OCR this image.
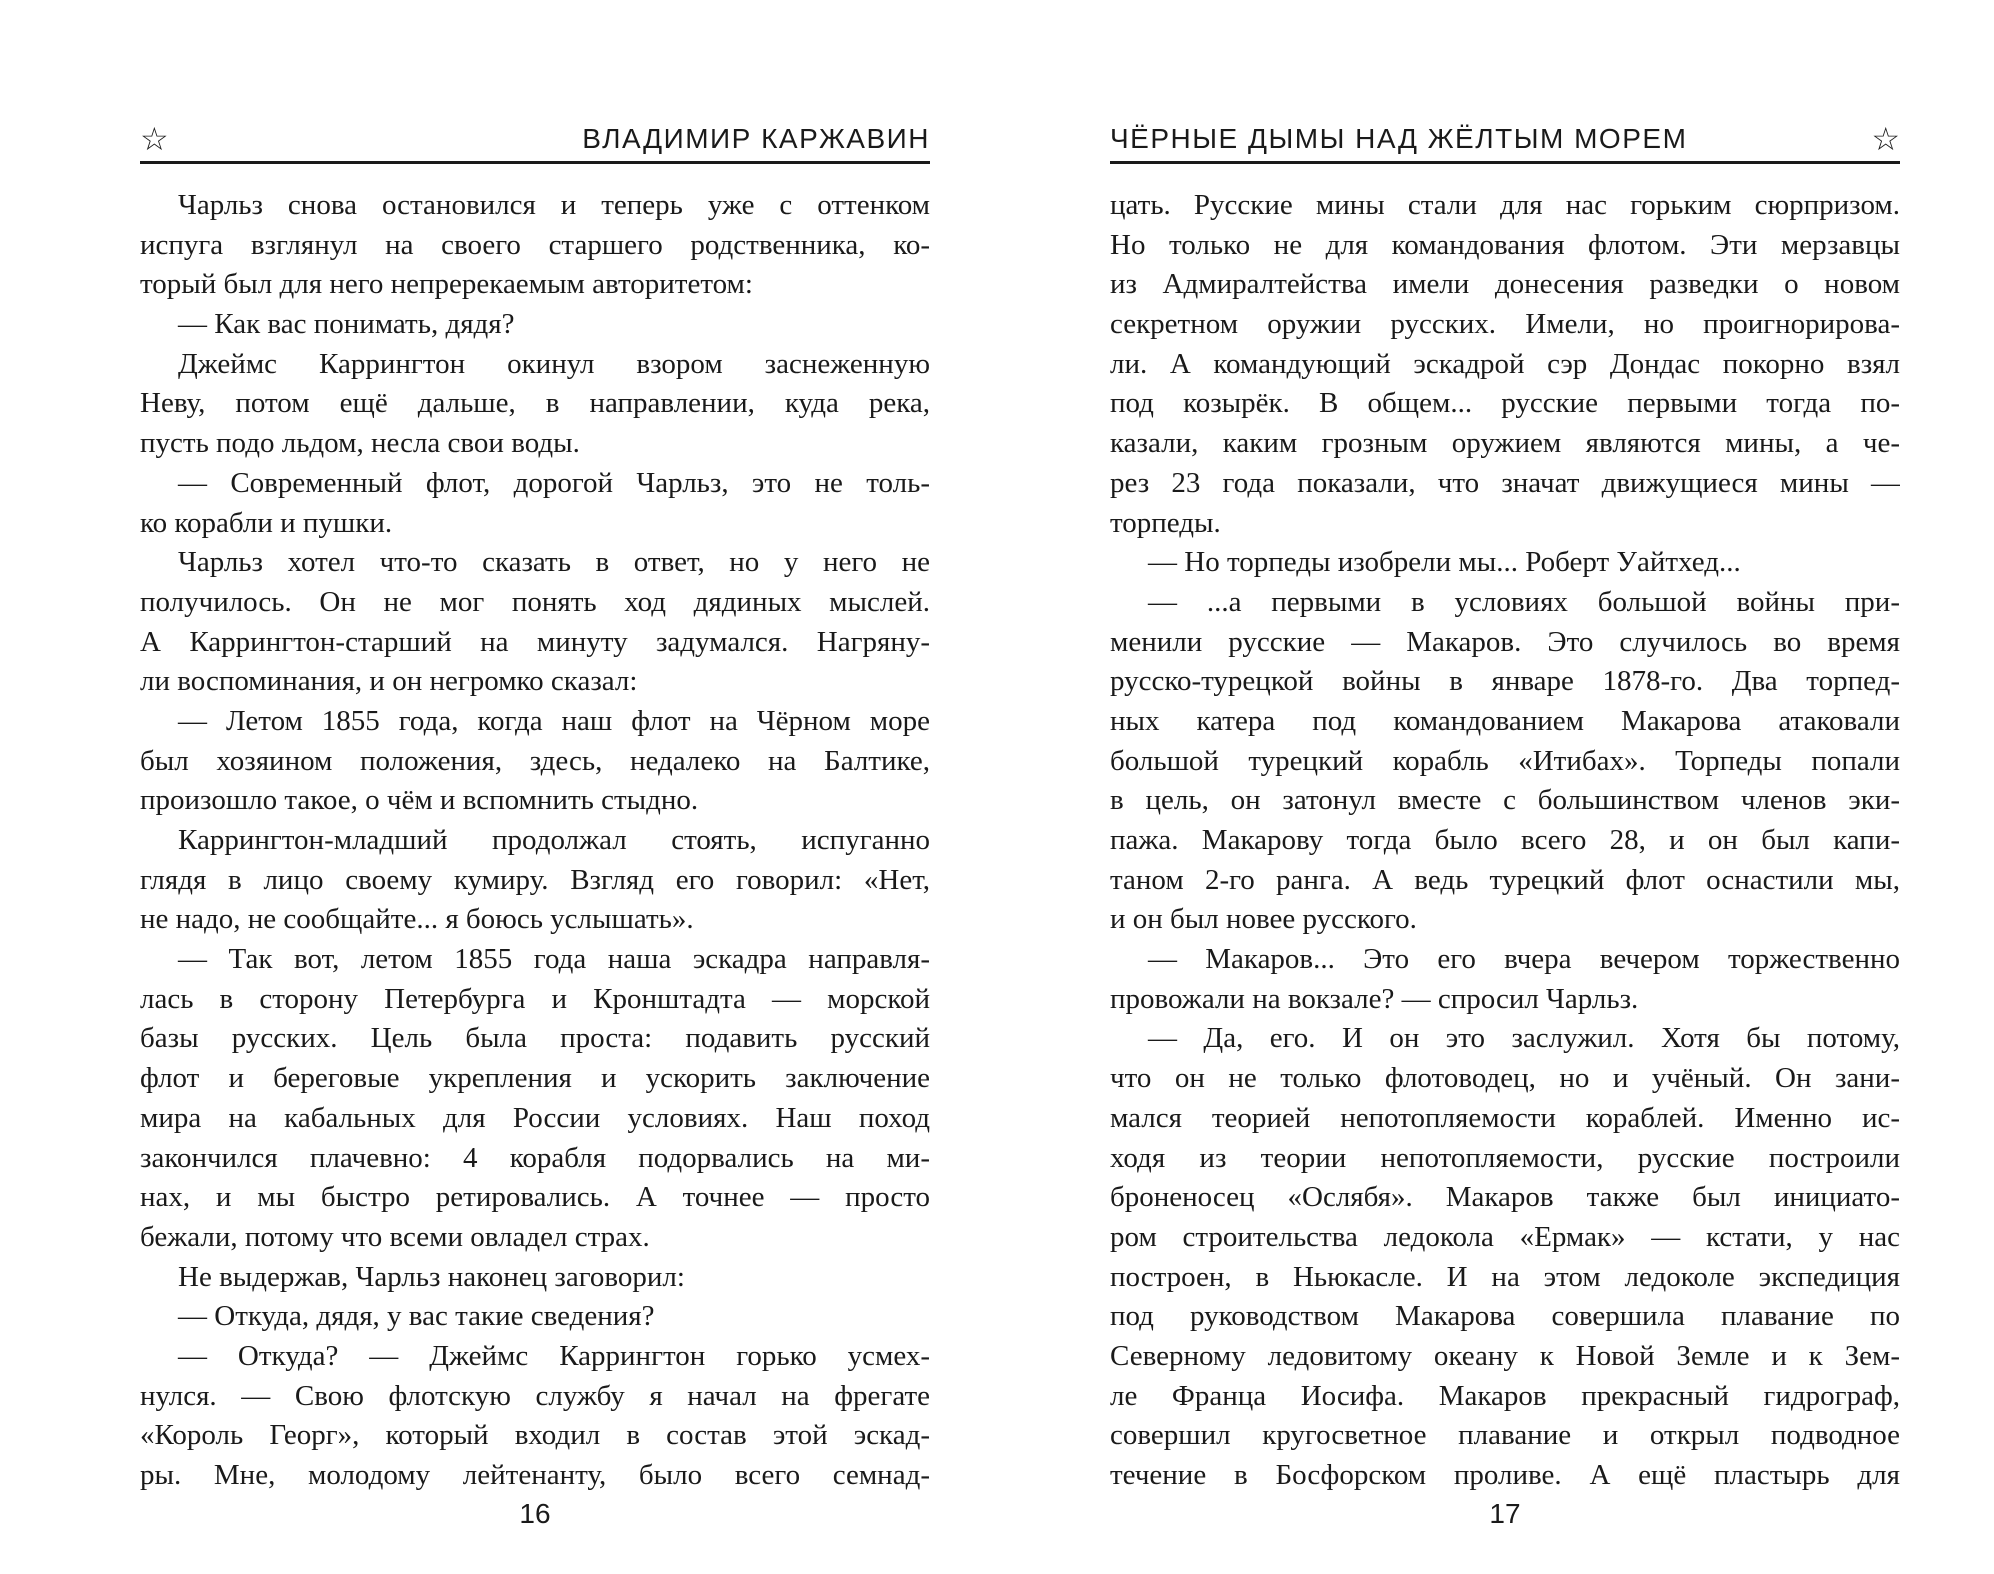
☆	ВЛАДИМИР КАРЖАВИН
Чарльз снова остановился и теперь уже с оттенком
испуга взглянул на своего старшего родственника, ко-
торый был для него непререкаемым авторитетом:
— Как вас понимать, дядя?
Джеймс Каррингтон окинул взором заснеженную
Неву, потом ещё дальше, в направлении, куда река,
пусть подо льдом, несла свои воды.
— Современный флот, дорогой Чарльз, это не толь-
ко корабли и пушки.
Чарльз хотел что-то сказать в ответ, но у него не
получилось. Он не мог понять ход дядиных мыслей.
А Каррингтон-старший на минуту задумался. Нагряну-
ли воспоминания, и он негромко сказал:
— Летом 1855 года, когда наш флот на Чёрном море
был хозяином положения, здесь, недалеко на Балтике,
произошло такое, о чём и вспомнить стыдно.
Каррингтон-младший продолжал стоять, испуганно
глядя в лицо своему кумиру. Взгляд его говорил: «Нет,
не надо, не сообщайте... я боюсь услышать».
— Так вот, летом 1855 года наша эскадра направля-
лась в сторону Петербурга и Кронштадта — морской
базы русских. Цель была проста: подавить русский
флот и береговые укрепления и ускорить заключение
мира на кабальных для России условиях. Наш поход
закончился плачевно: 4 корабля подорвались на ми-
нах, и мы быстро ретировались. А точнее — просто
бежали, потому что всеми овладел страх.
Не выдержав, Чарльз наконец заговорил:
— Откуда, дядя, у вас такие сведения?
— Откуда? — Джеймс Каррингтон горько усмех-
нулся. — Свою флотскую службу я начал на фрегате
«Король Георг», который входил в состав этой эскад-
ры. Мне, молодому лейтенанту, было всего семнад-
16
ЧЁРНЫЕ ДЫМЫ НАД ЖЁЛТЫМ МОРЕМ	☆
цать. Русские мины стали для нас горьким сюрпризом.
Но только не для командования флотом. Эти мерзавцы
из Адмиралтейства имели донесения разведки о новом
секретном оружии русских. Имели, но проигнорирова-
ли. А командующий эскадрой сэр Дондас покорно взял
под козырёк. В общем... русские первыми тогда по-
казали, каким грозным оружием являются мины, а че-
рез 23 года показали, что значат движущиеся мины —
торпеды.
— Но торпеды изобрели мы... Роберт Уайтхед...
— ...а первыми в условиях большой войны при-
менили русские — Макаров. Это случилось во время
русско-турецкой войны в январе 1878-го. Два торпед-
ных катера под командованием Макарова атаковали
большой турецкий корабль «Итибах». Торпеды попали
в цель, он затонул вместе с большинством членов эки-
пажа. Макарову тогда было всего 28, и он был капи-
таном 2-го ранга. А ведь турецкий флот оснастили мы,
и он был новее русского.
— Макаров... Это его вчера вечером торжественно
провожали на вокзале? — спросил Чарльз.
— Да, его. И он это заслужил. Хотя бы потому,
что он не только флотоводец, но и учёный. Он зани-
мался теорией непотопляемости кораблей. Именно ис-
ходя из теории непотопляемости, русские построили
броненосец «Ослябя». Макаров также был инициато-
ром строительства ледокола «Ермак» — кстати, у нас
построен, в Ньюкасле. И на этом ледоколе экспедиция
под руководством Макарова совершила плавание по
Северному ледовитому океану к Новой Земле и к Зем-
ле Франца Иосифа. Макаров прекрасный гидрограф,
совершил кругосветное плавание и открыл подводное
течение в Босфорском проливе. А ещё пластырь для
17
